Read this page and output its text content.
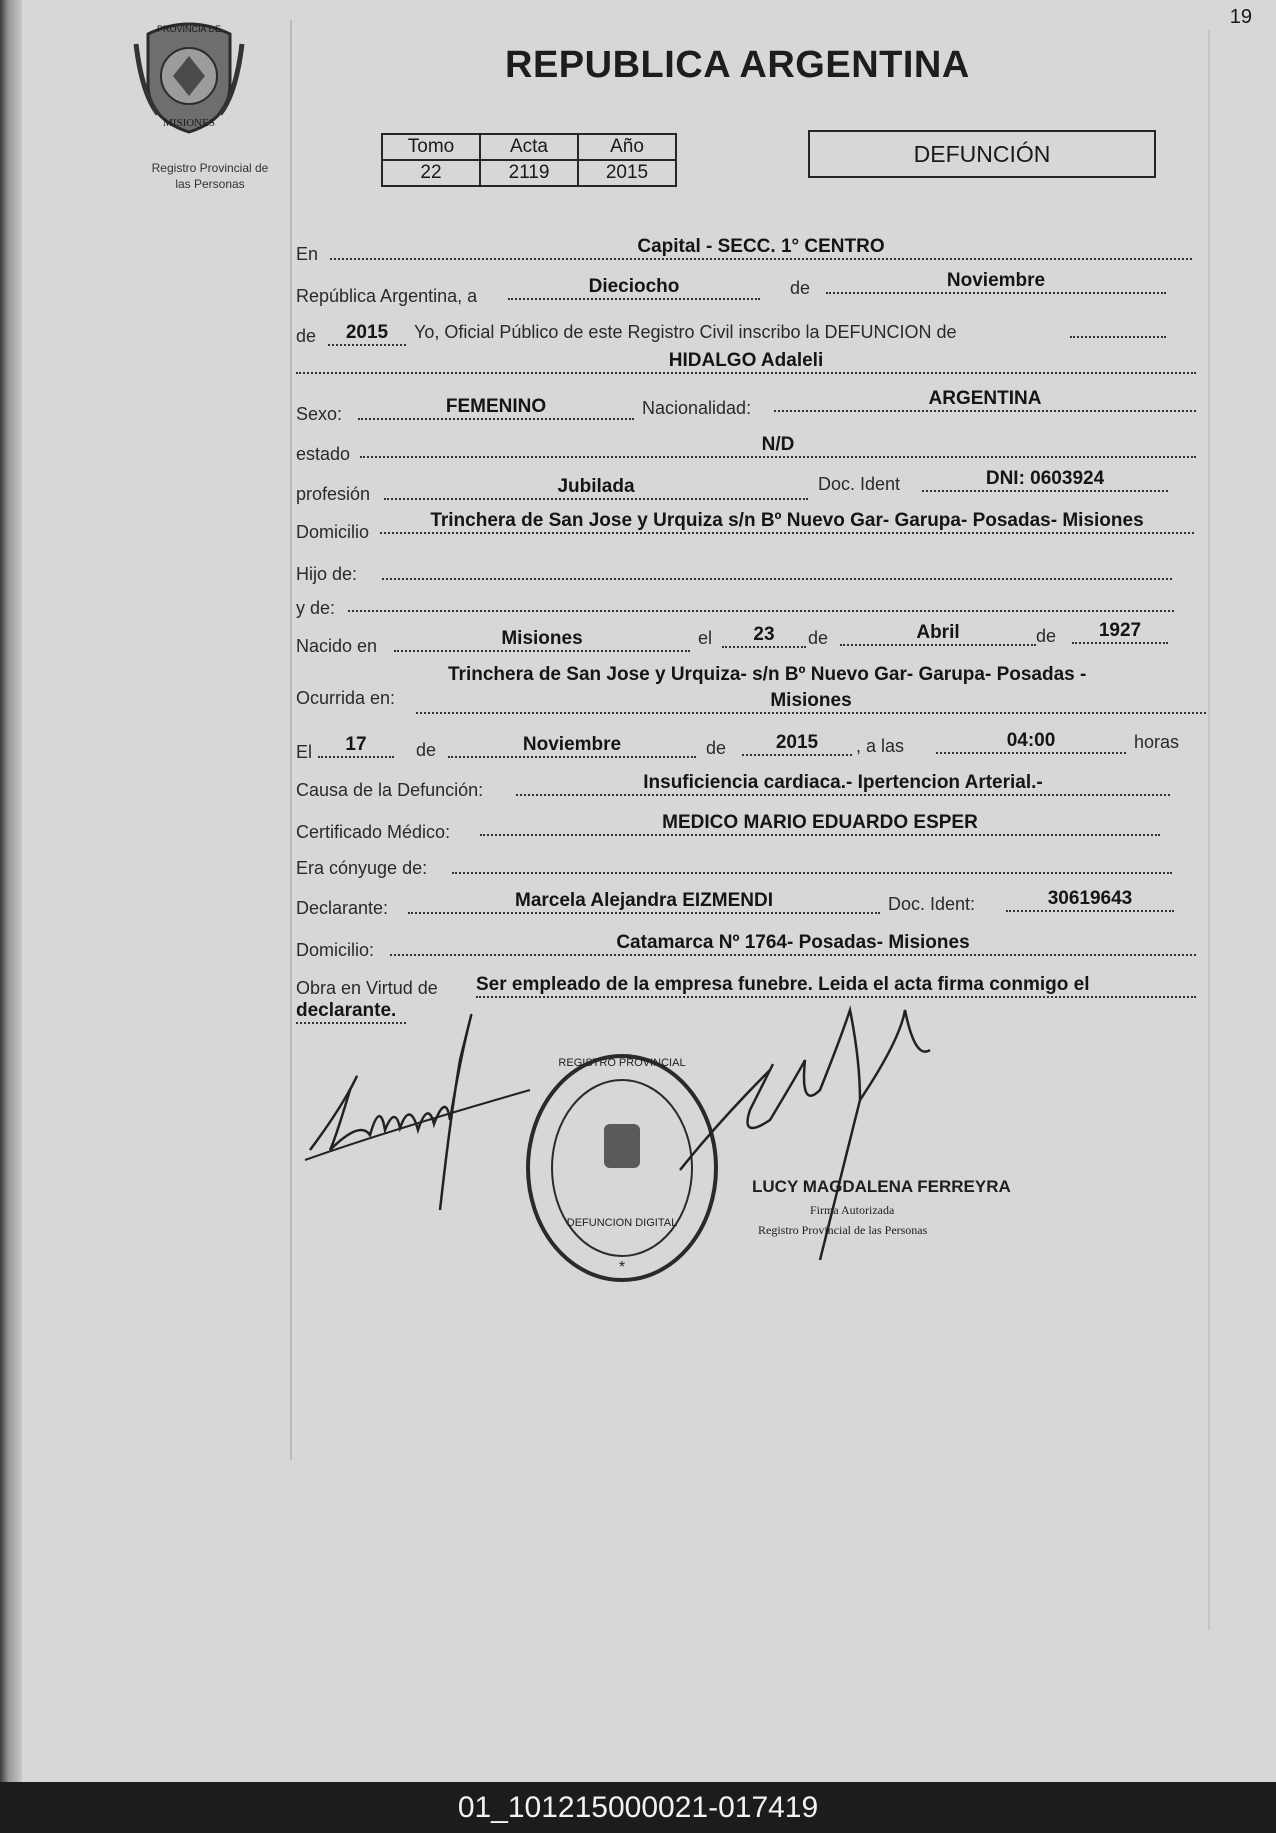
19
PROVINCIA DE
MISIONES
Registro Provincial de
las Personas
REPUBLICA ARGENTINA
Tomo	Acta	Año
22	2119	2015
DEFUNCIÓN
En	Capital - SECC. 1° CENTRO
República Argentina, a	Dieciocho	de	Noviembre
de	2015	Yo, Oficial Público de este Registro Civil inscribo la DEFUNCION de
HIDALGO Adaleli
Sexo:	FEMENINO	Nacionalidad:	ARGENTINA
estado	N/D
profesión	Jubilada	Doc. Ident	DNI: 0603924
Domicilio
Trinchera de San Jose y Urquiza s/n Bº Nuevo Gar- Garupa- Posadas- Misiones
Hijo de:
y de:
Nacido en	Misiones	el	23	de	Abril	de	1927
Ocurrida en:
Trinchera de San Jose y Urquiza- s/n Bº Nuevo Gar- Garupa- Posadas -
Misiones
El	17	de	Noviembre	de	2015	, a las	04:00	horas
Causa de la Defunción:	Insuficiencia cardiaca.- Ipertencion Arterial.-
Certificado Médico:	MEDICO MARIO EDUARDO ESPER
Era cónyuge de:
Declarante:	Marcela Alejandra EIZMENDI	Doc. Ident:	30619643
Domicilio:	Catamarca Nº 1764- Posadas- Misiones
Obra en Virtud de Ser empleado de la empresa funebre. Leida el acta firma conmigo el
declarante.
REGISTRO PROVINCIAL
*
DEFUNCION DIGITAL
LUCY MAGDALENA FERREYRA
Firma Autorizada
Registro Provincial de las Personas
01_101215000021-017419
